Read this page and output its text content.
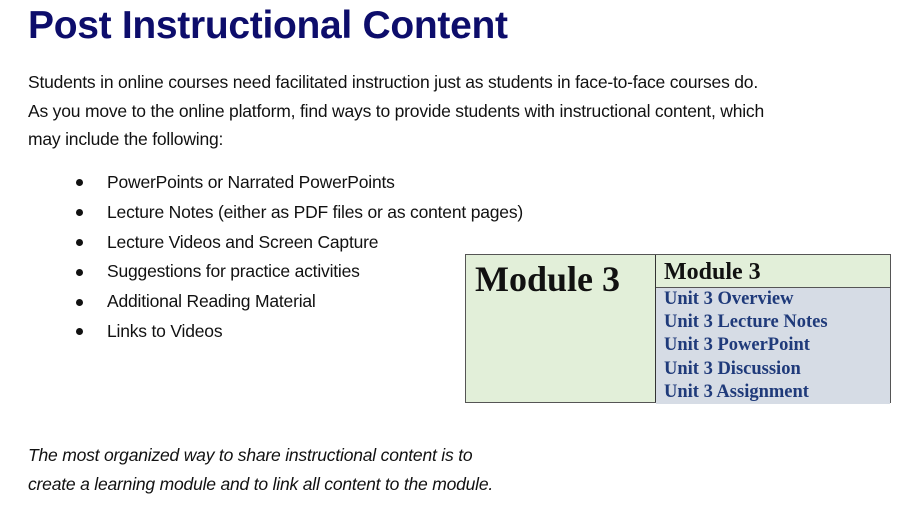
Post Instructional Content

Students in online courses need facilitated instruction just as students in face-to-face courses do.
As you move to the online platform, find ways to provide students with instructional content, which
may include the following:

PowerPoints or Narrated PowerPoints
Lecture Notes (either as PDF files or as content pages)
Lecture Videos and Screen Capture
Suggestions for practice activities
Additional Reading Material
Links to Videos
Module 3	Module 3
Unit 3 Overview
Unit 3 Lecture Notes
Unit 3 PowerPoint
Unit 3 Discussion
Unit 3 Assignment

The most organized way to share instructional content is to
create a learning module and to link all content to the module.
